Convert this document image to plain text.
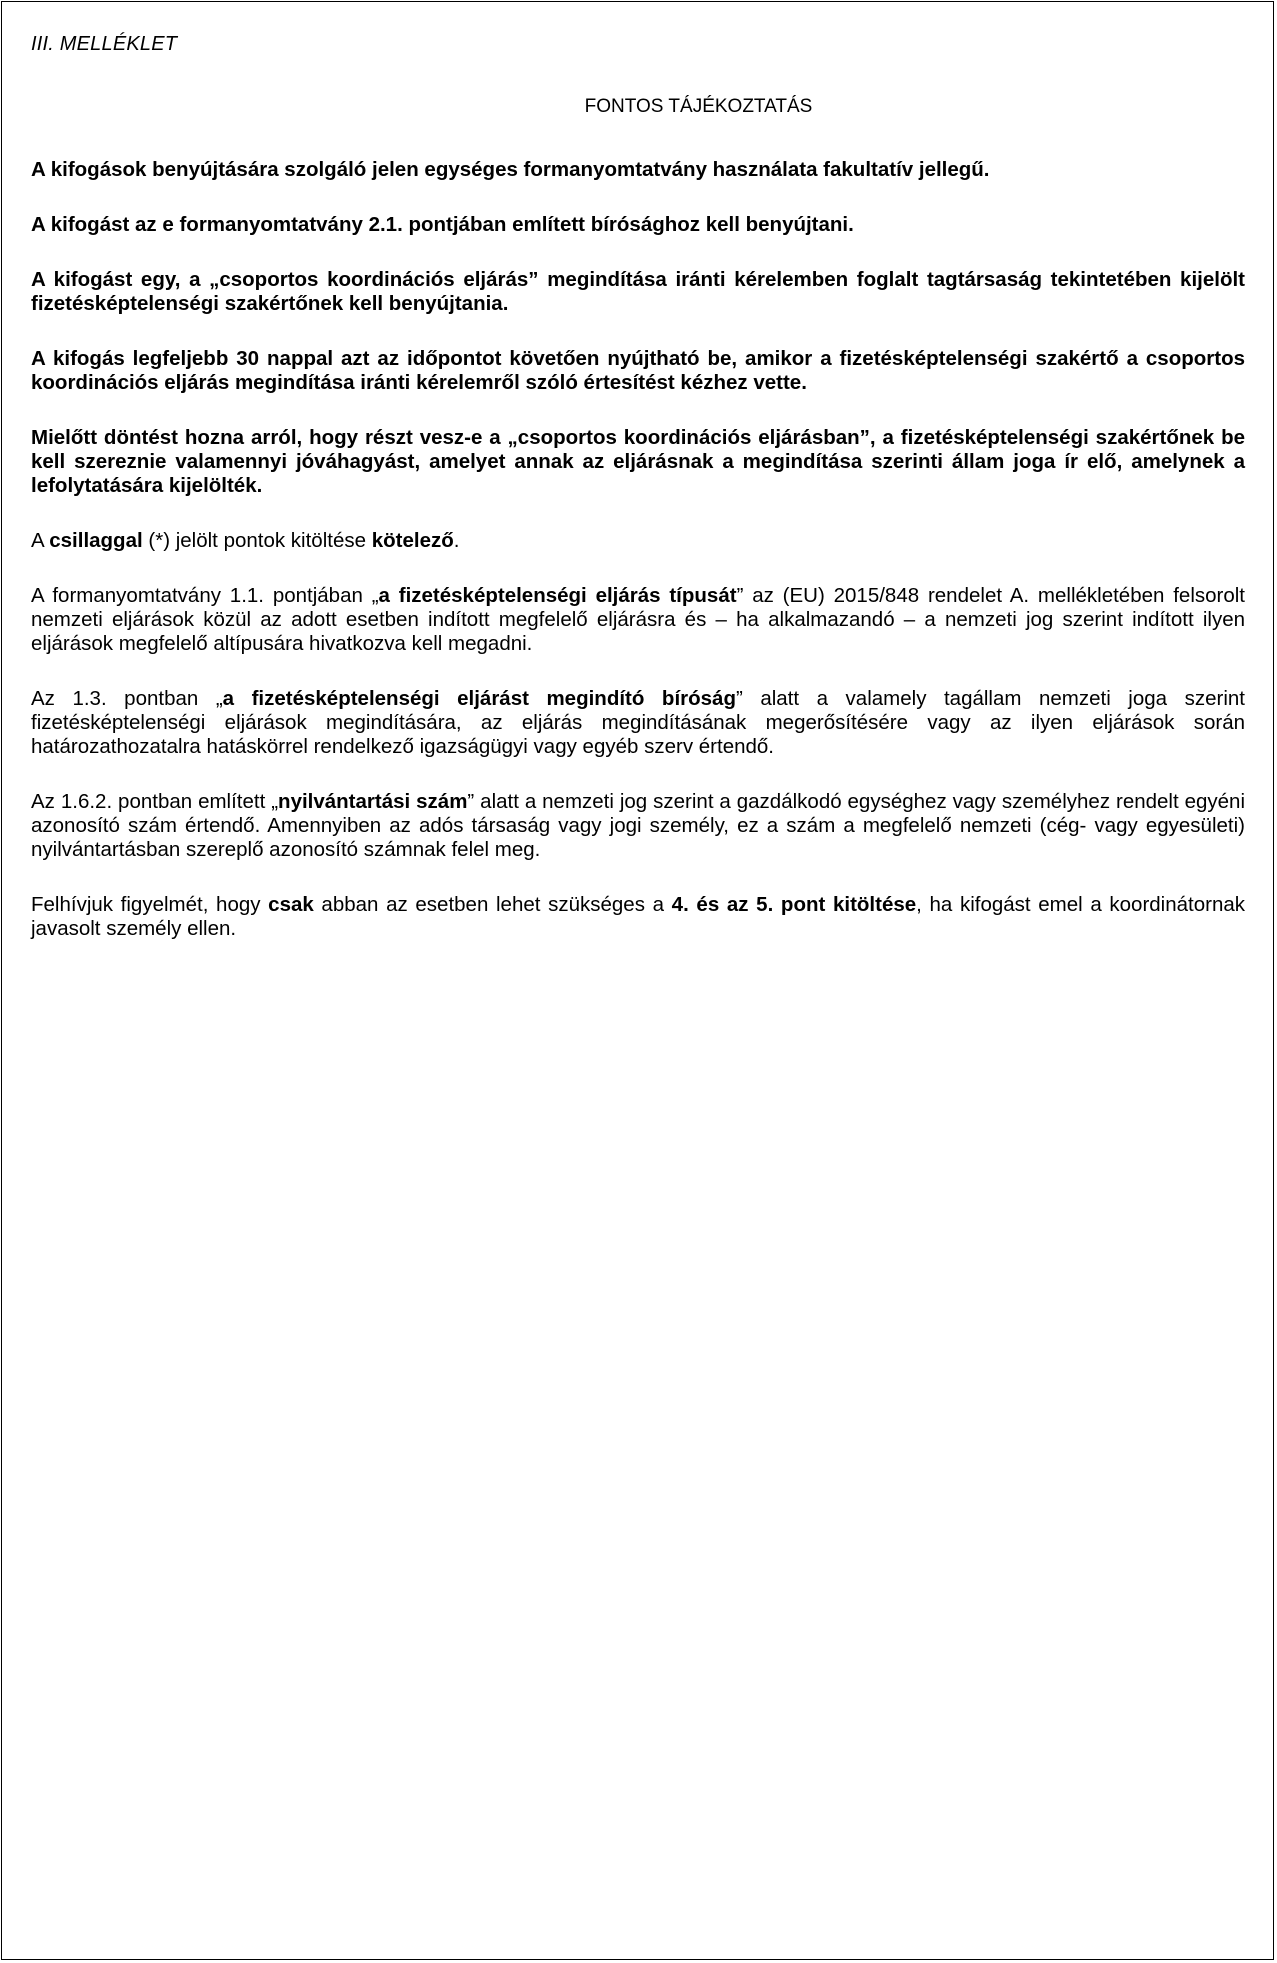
III. MELLÉKLET
FONTOS TÁJÉKOZTATÁS

A kifogások benyújtására szolgáló jelen egységes formanyomtatvány használata fakultatív jellegű.

A kifogást az e formanyomtatvány 2.1. pontjában említett bírósághoz kell benyújtani.

A kifogást egy, a „csoportos koordinációs eljárás” megindítása iránti kérelemben foglalt tagtársaság tekintetében kijelölt fizetésképtelenségi szakértőnek kell benyújtania.

A kifogás legfeljebb 30 nappal azt az időpontot követően nyújtható be, amikor a fizetésképtelenségi szakértő a csoportos koordinációs eljárás megindítása iránti kérelemről szóló értesítést kézhez vette.

Mielőtt döntést hozna arról, hogy részt vesz-e a „csoportos koordinációs eljárásban”, a fizetésképtelenségi szakértőnek be kell szereznie valamennyi jóváhagyást, amelyet annak az eljárásnak a megindítása szerinti állam joga ír elő, amelynek a lefolytatására kijelölték.

A csillaggal (*) jelölt pontok kitöltése kötelező.

A formanyomtatvány 1.1. pontjában „a fizetésképtelenségi eljárás típusát” az (EU) 2015/848 rendelet A. mellékletében felsorolt nemzeti eljárások közül az adott esetben indított megfelelő eljárásra és – ha alkalmazandó – a nemzeti jog szerint indított ilyen eljárások megfelelő altípusára hivatkozva kell megadni.

Az 1.3. pontban „a fizetésképtelenségi eljárást megindító bíróság” alatt a valamely tagállam nemzeti joga szerint fizetésképtelenségi eljárások megindítására, az eljárás megindításának megerősítésére vagy az ilyen eljárások során határozathozatalra hatáskörrel rendelkező igazságügyi vagy egyéb szerv értendő.

Az 1.6.2. pontban említett „nyilvántartási szám” alatt a nemzeti jog szerint a gazdálkodó egységhez vagy személyhez rendelt egyéni azonosító szám értendő. Amennyiben az adós társaság vagy jogi személy, ez a szám a megfelelő nemzeti (cég- vagy egyesületi) nyilvántartásban szereplő azonosító számnak felel meg.

Felhívjuk figyelmét, hogy csak abban az esetben lehet szükséges a 4. és az 5. pont kitöltése, ha kifogást emel a koordinátornak javasolt személy ellen.
